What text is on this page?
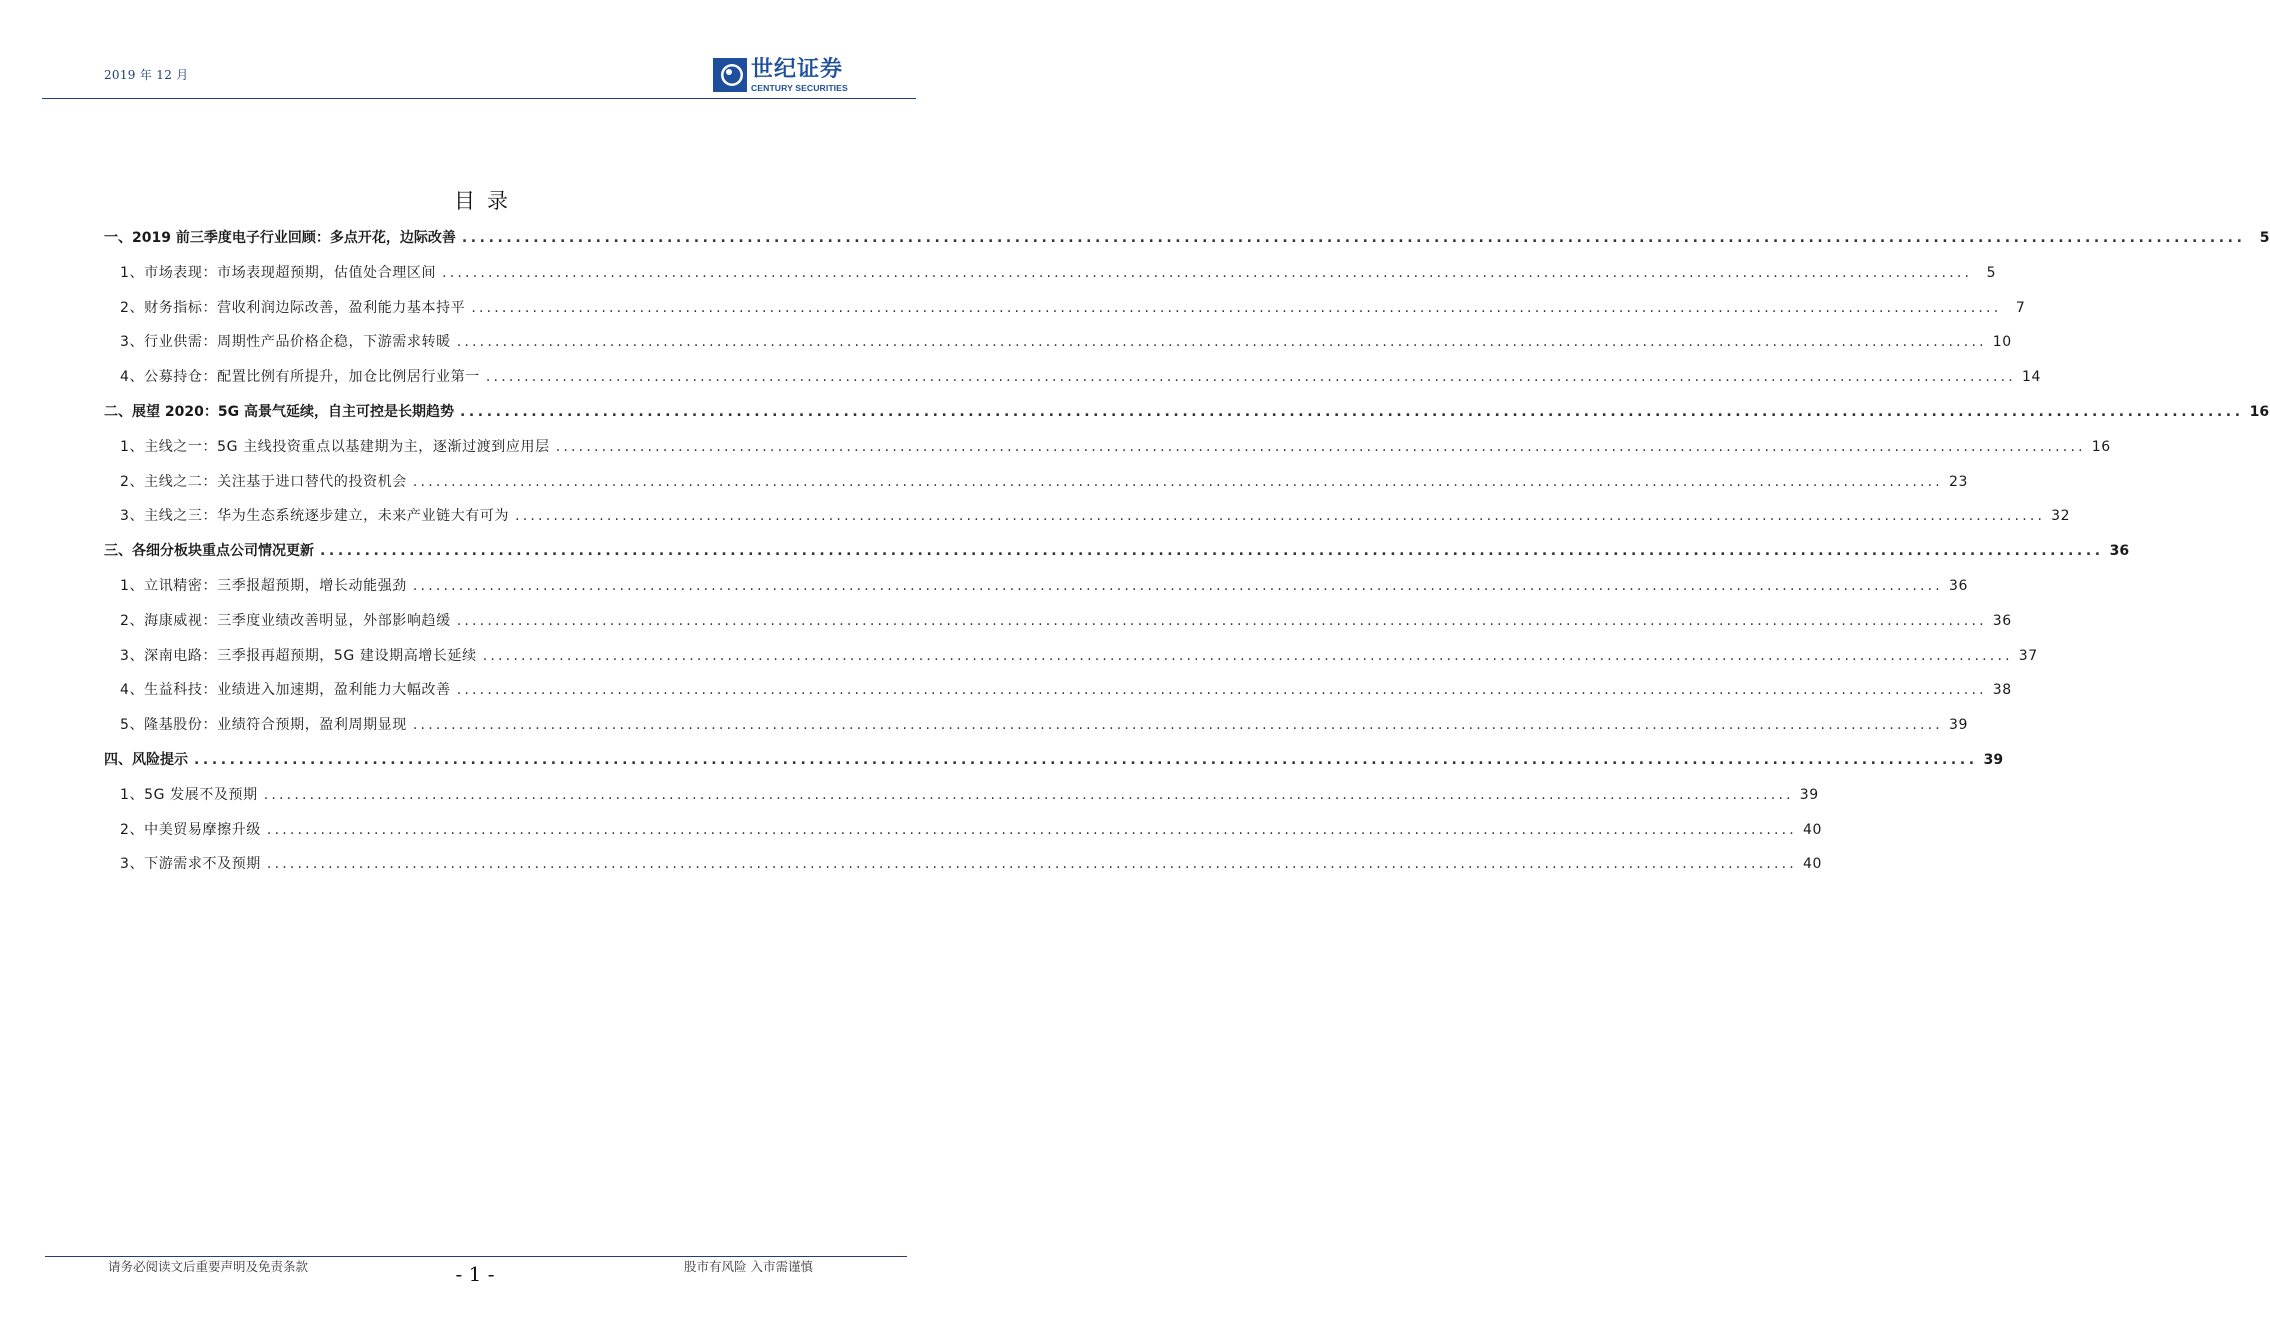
2019 年 12 月	世纪证券
CENTURY SECURITIES
目录
一、2019 前三季度电子行业回顾：多点开花，边际改善 ........................................................................................................................................................................................................	5
1、市场表现：市场表现超预期，估值处合理区间 ........................................................................................................................................................................................................	5
2、财务指标：营收利润边际改善，盈利能力基本持平 ........................................................................................................................................................................................................	7
3、行业供需：周期性产品价格企稳，下游需求转暖 ........................................................................................................................................................................................................ 10
4、公募持仓：配置比例有所提升，加仓比例居行业第一 ........................................................................................................................................................................................................ 14
二、展望 2020：5G 高景气延续，自主可控是长期趋势 ........................................................................................................................................................................................................ 16
1、主线之一：5G 主线投资重点以基建期为主，逐渐过渡到应用层 ........................................................................................................................................................................................................ 16
2、主线之二：关注基于进口替代的投资机会 ........................................................................................................................................................................................................ 23
3、主线之三：华为生态系统逐步建立，未来产业链大有可为 ........................................................................................................................................................................................................ 32
三、各细分板块重点公司情况更新 ........................................................................................................................................................................................................ 36
1、立讯精密：三季报超预期，增长动能强劲 ........................................................................................................................................................................................................ 36
2、海康威视：三季度业绩改善明显，外部影响趋缓 ........................................................................................................................................................................................................ 36
3、深南电路：三季报再超预期，5G 建设期高增长延续 ........................................................................................................................................................................................................ 37
4、生益科技：业绩进入加速期，盈利能力大幅改善 ........................................................................................................................................................................................................ 38
5、隆基股份：业绩符合预期，盈利周期显现 ........................................................................................................................................................................................................ 39
四、风险提示 ........................................................................................................................................................................................................ 39
1、5G 发展不及预期 ........................................................................................................................................................................................................ 39
2、中美贸易摩擦升级 ........................................................................................................................................................................................................ 40
3、下游需求不及预期 ........................................................................................................................................................................................................ 40
请务必阅读文后重要声明及免责条款	- 1 -	股市有风险 入市需谨慎
